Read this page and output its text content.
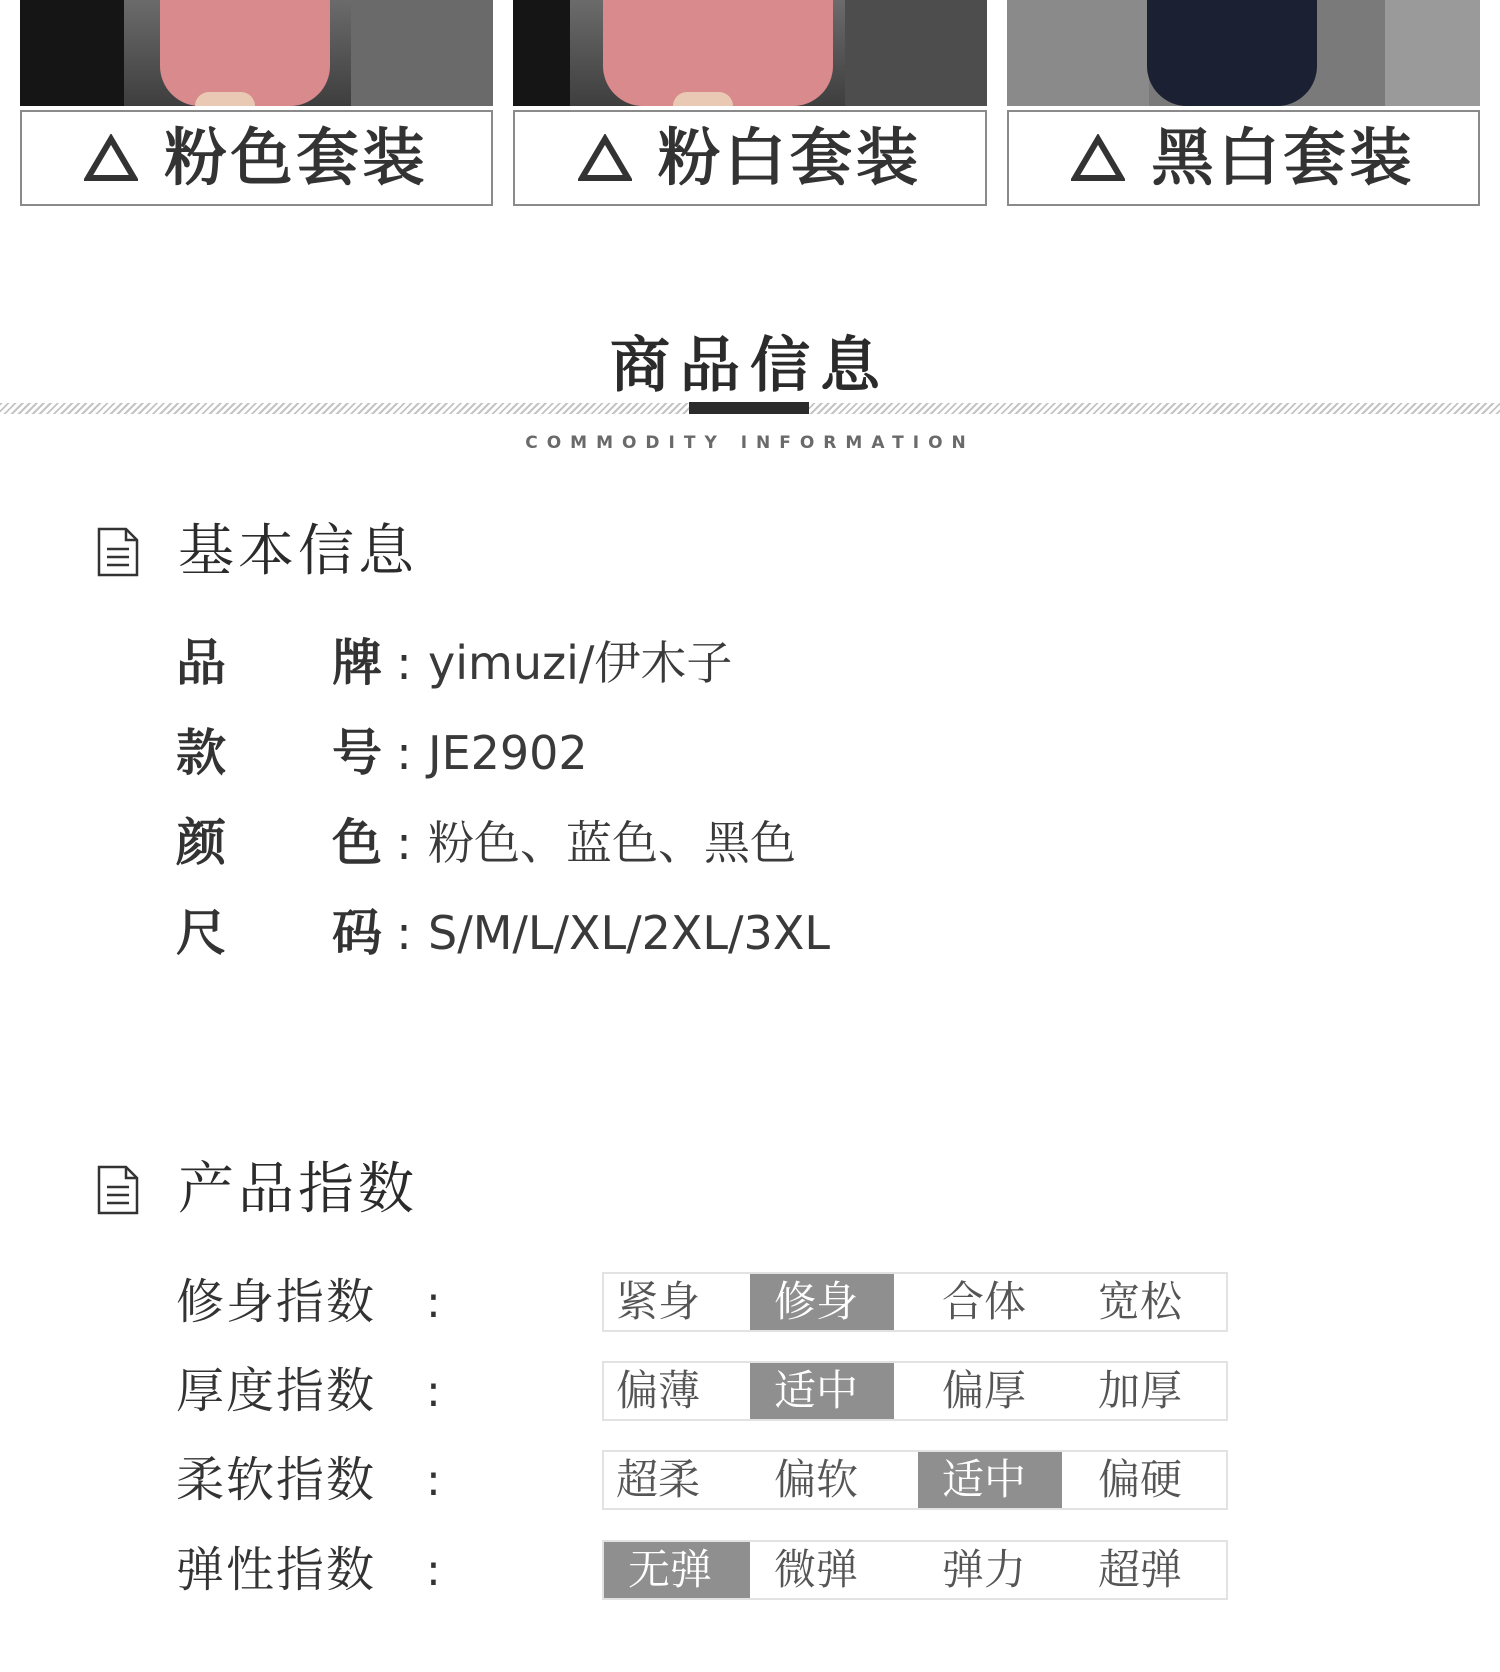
粉色套装	粉白套装	黑白套装
商品信息
COMMODITY INFORMATION
基本信息
品 牌 : yimuzi/伊木子
款 号 : JE2902
颜 色 : 粉色、蓝色、黑色
尺 码 : S/M/L/XL/2XL/3XL
产品指数
修身指数	:	紧身 修身 合体 宽松
厚度指数	:	偏薄 适中 偏厚 加厚
柔软指数	:	超柔 偏软 适中 偏硬
弹性指数	:	无弹 微弹 弹力 超弹
